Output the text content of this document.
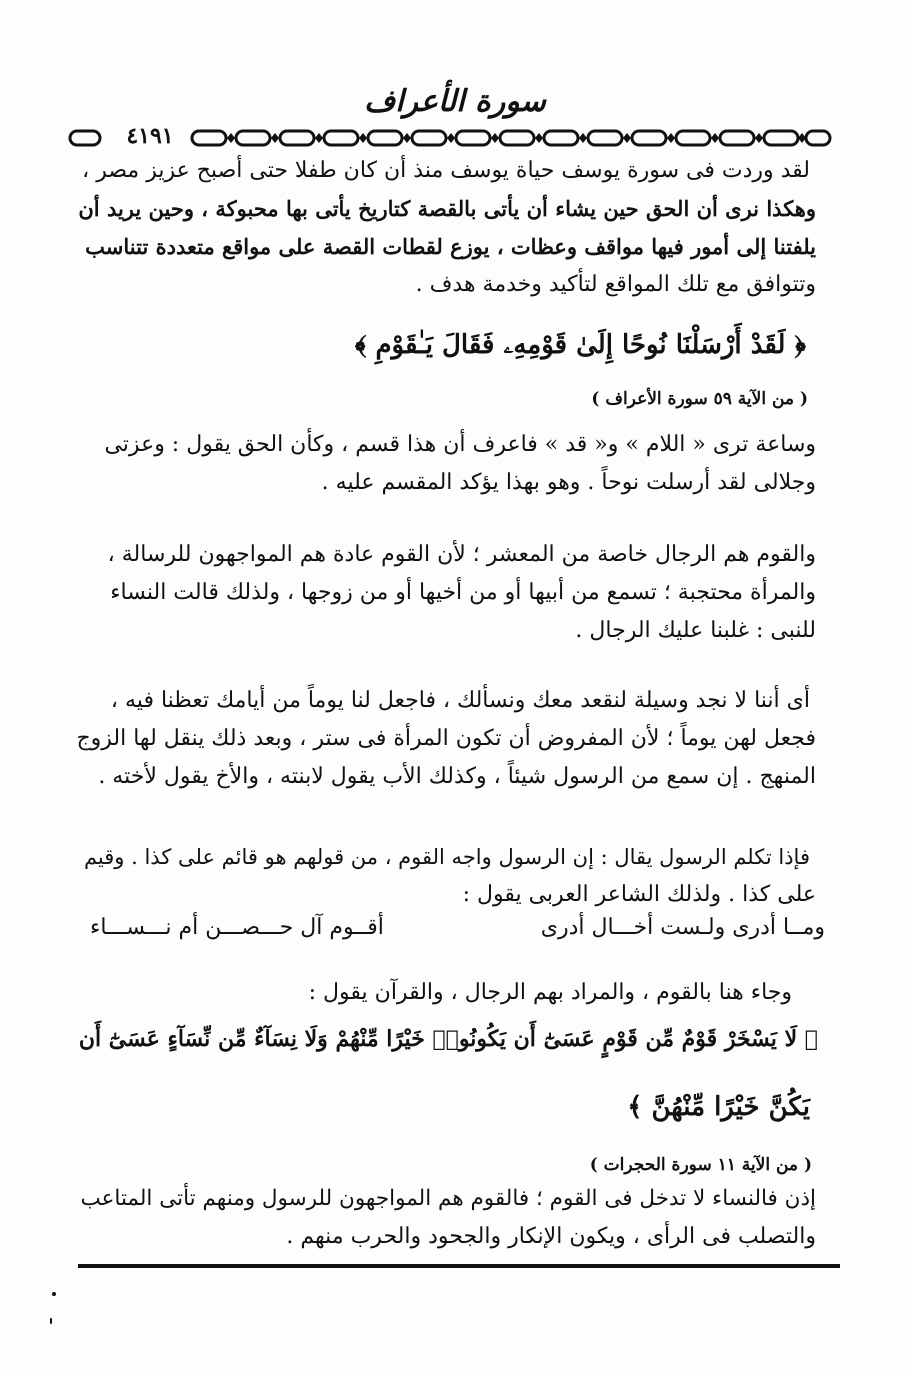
سورة الأعراف
٤١٩١
لقد وردت فى سورة يوسف حياة يوسف منذ أن كان طفلا حتى أصبح عزيز مصر ،
وهكذا نرى أن الحق حين يشاء أن يأتى بالقصة كتاريخ يأتى بها محبوكة ، وحين يريد أن
يلفتنا إلى أمور فيها مواقف وعظات ، يوزع لقطات القصة على مواقع متعددة تتناسب
وتتوافق مع تلك المواقع لتأكيد وخدمة هدف .
﴿ لَقَدْ أَرْسَلْنَا نُوحًا إِلَىٰ قَوْمِهِۦ فَقَالَ يَـٰقَوْمِ ﴾
( من الآية ٥٩ سورة الأعراف )
وساعة ترى « اللام » و« قد » فاعرف أن هذا قسم ، وكأن الحق يقول : وعزتى
وجلالى لقد أرسلت نوحاً . وهو بهذا يؤكد المقسم عليه .
والقوم هم الرجال خاصة من المعشر ؛ لأن القوم عادة هم المواجهون للرسالة ،
والمرأة محتجبة ؛ تسمع من أبيها أو من أخيها أو من زوجها ، ولذلك قالت النساء
للنبى : غلبنا عليك الرجال .
أى أننا لا نجد وسيلة لنقعد معك ونسألك ، فاجعل لنا يوماً من أيامك تعظنا فيه ،
فجعل لهن يوماً ؛ لأن المفروض أن تكون المرأة فى ستر ، وبعد ذلك ينقل لها الزوج
المنهج . إن سمع من الرسول شيئاً ، وكذلك الأب يقول لابنته ، والأخ يقول لأخته .
فإذا تكلم الرسول يقال : إن الرسول واجه القوم ، من قولهم هو قائم على كذا . وقيم
على كذا . ولذلك الشاعر العربى يقول :
ومــا أدرى ولـست أخـــال أدرى
أقــوم آل حـــصـــن أم نـــســـاء
وجاء هنا بالقوم ، والمراد بهم الرجال ، والقرآن يقول :
﴿ لَا يَسْخَرْ قَوْمٌ مِّن قَوْمٍ عَسَىٰٓ أَن يَكُونُوا۟ خَيْرًا مِّنْهُمْ وَلَا نِسَآءٌ مِّن نِّسَآءٍ عَسَىٰٓ أَن
يَكُنَّ خَيْرًا مِّنْهُنَّ ﴾
( من الآية ١١ سورة الحجرات )
إذن فالنساء لا تدخل فى القوم ؛ فالقوم هم المواجهون للرسول ومنهم تأتى المتاعب
والتصلب فى الرأى ، ويكون الإنكار والجحود والحرب منهم .
